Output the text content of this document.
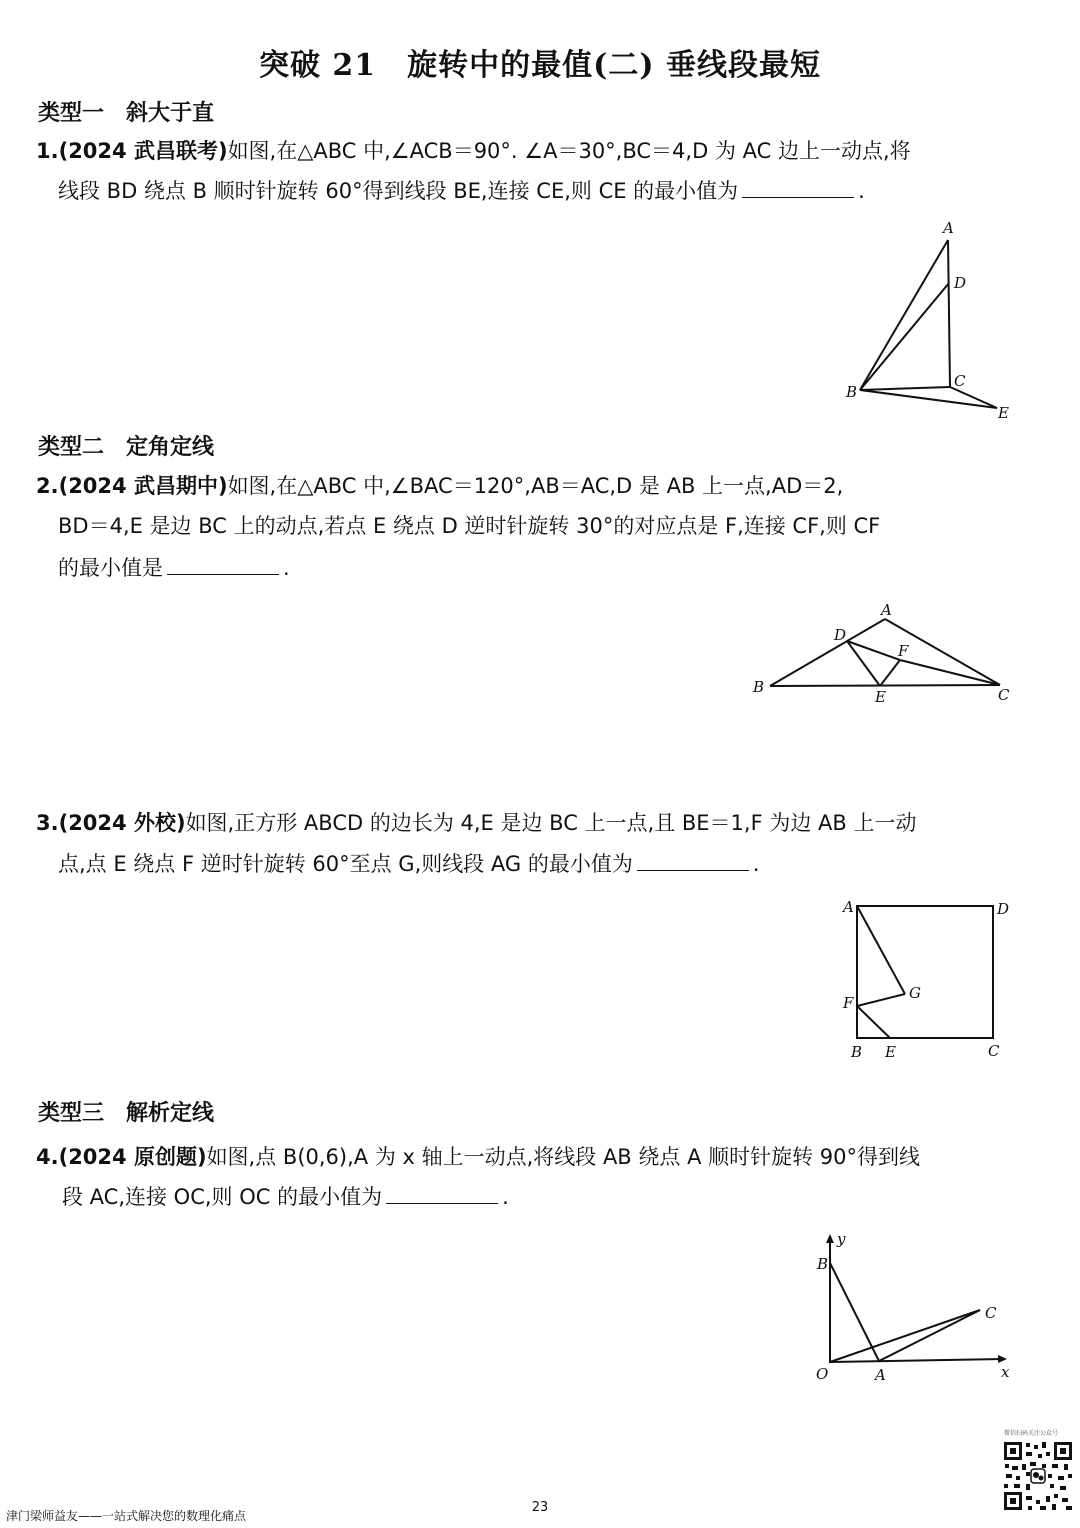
突破 21　旋转中的最值(二) 垂线段最短
类型一　斜大于直
1.(2024 武昌联考)如图,在△ABC 中,∠ACB＝90°. ∠A＝30°,BC＝4,D 为 AC 边上一动点,将
线段 BD 绕点 B 顺时针旋转 60°得到线段 BE,连接 CE,则 CE 的最小值为	.
A
D
C
B
E
类型二　定角定线
2.(2024 武昌期中)如图,在△ABC 中,∠BAC＝120°,AB＝AC,D 是 AB 上一点,AD＝2,
BD＝4,E 是边 BC 上的动点,若点 E 绕点 D 逆时针旋转 30°的对应点是 F,连接 CF,则 CF
的最小值是	.
A
D
F
B
E	C
3.(2024 外校)如图,正方形 ABCD 的边长为 4,E 是边 BC 上一点,且 BE＝1,F 为边 AB 上一动
点,点 E 绕点 F 逆时针旋转 60°至点 G,则线段 AG 的最小值为	.
A	D
G
F
B E	C
类型三　解析定线
4.(2024 原创题)如图,点 B(0,6),A 为 x 轴上一动点,将线段 AB 绕点 A 顺时针旋转 90°得到线
段 AC,连接 OC,则 OC 的最小值为	.
y
B
C
O	A	x
微信扫码关注公众号
23
津门梁师益友——一站式解决您的数理化痛点
